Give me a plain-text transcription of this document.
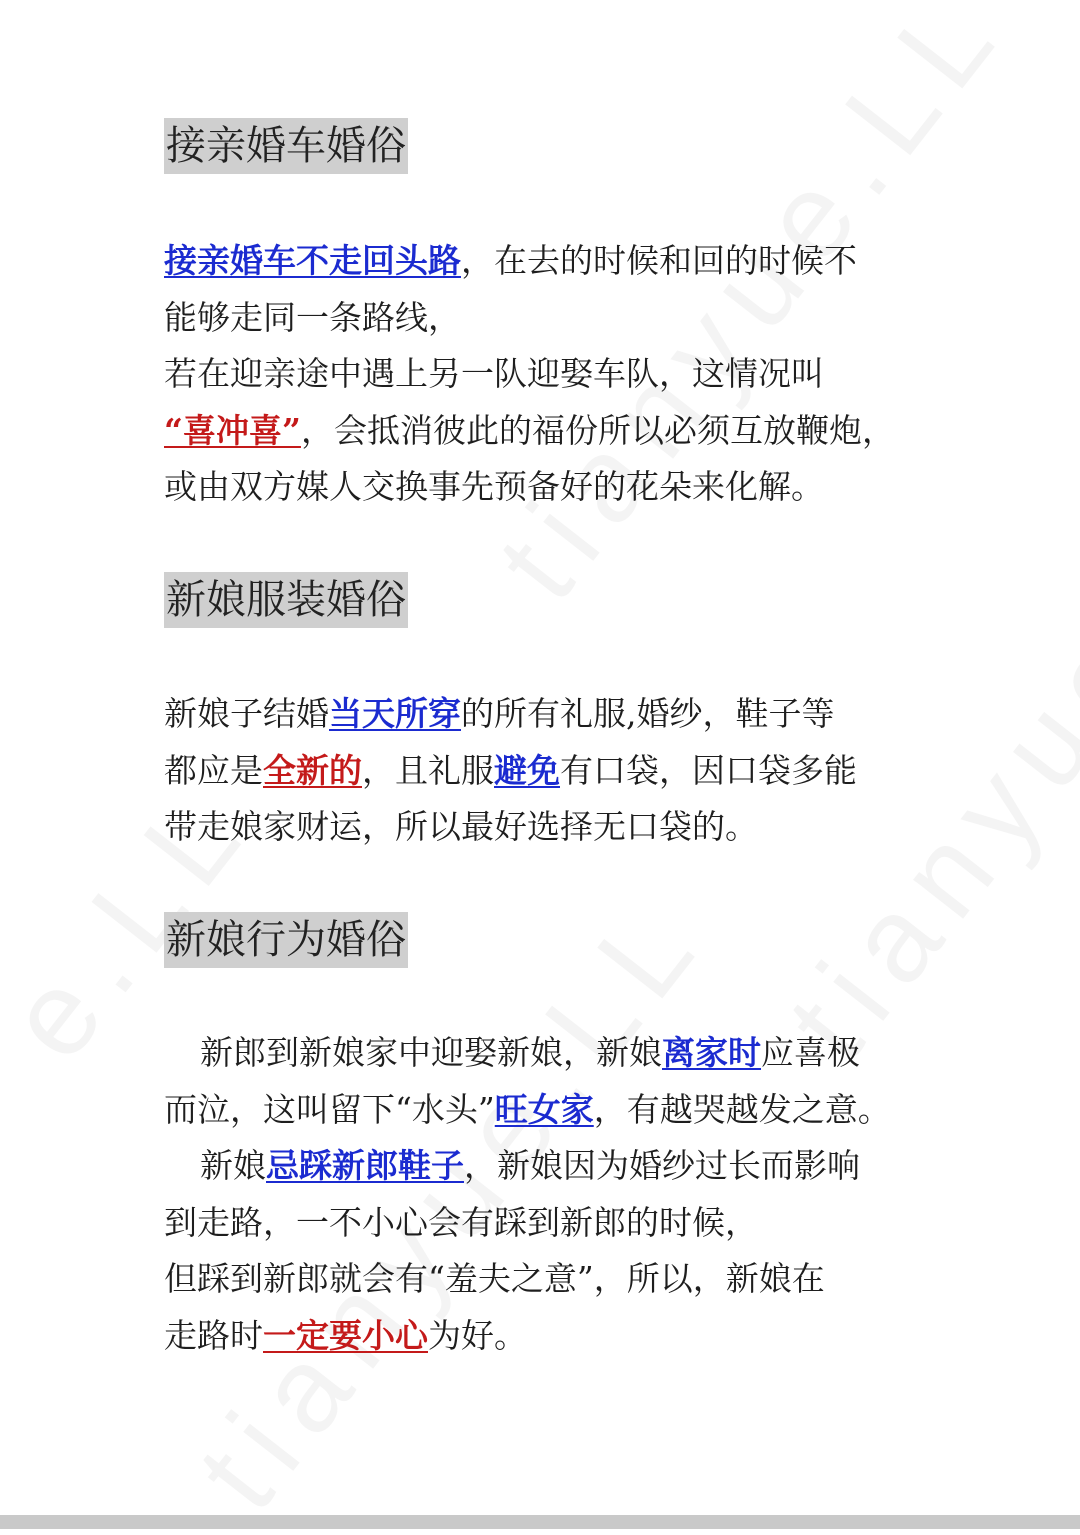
接亲婚车婚俗
接亲婚车不走回头路，在去的时候和回的时候不
能够走同一条路线，
若在迎亲途中遇上另一队迎娶车队，这情况叫
“喜冲喜”，会抵消彼此的福份所以必须互放鞭炮，
或由双方媒人交换事先预备好的花朵来化解。
新娘服装婚俗
新娘子结婚当天所穿的所有礼服,婚纱，鞋子等
都应是全新的，且礼服避免有口袋，因口袋多能
带走娘家财运，所以最好选择无口袋的。
新娘行为婚俗
新郎到新娘家中迎娶新娘，新娘离家时应喜极
而泣，这叫留下“水头”旺女家，有越哭越发之意。
新娘忌踩新郎鞋子，新娘因为婚纱过长而影响
到走路，一不小心会有踩到新郎的时候，
但踩到新郎就会有“羞夫之意”，所以，新娘在
走路时一定要小心为好。
